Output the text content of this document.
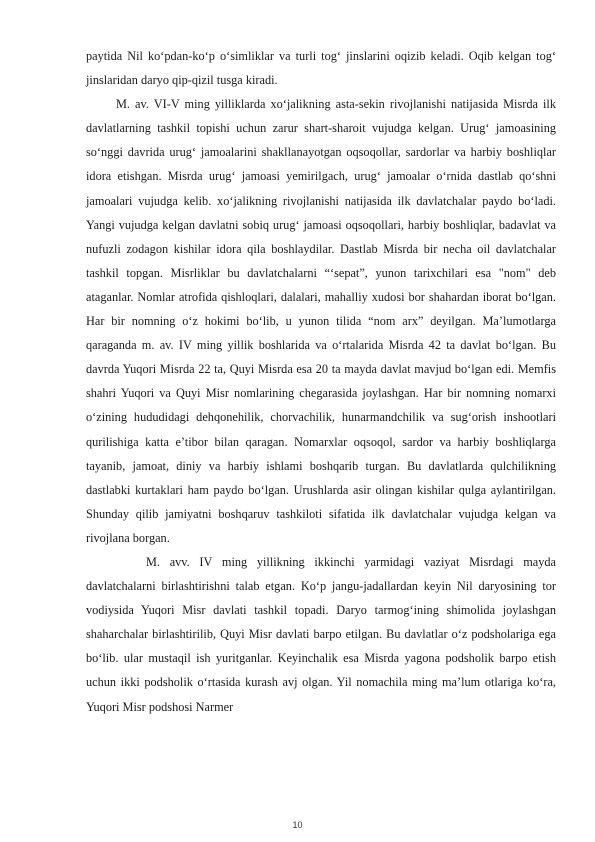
paytida Nil ko‘pdan-ko‘p o‘simliklar va turli tog‘ jinslarini oqizib keladi. Oqib kelgan tog‘ jinslaridan daryo qip-qizil tusga kiradi.

M. av. VI-V ming yilliklarda xo‘jalikning asta-sekin rivojlanishi natijasida Misrda ilk davlatlarning tashkil topishi uchun zarur shart-sharoit vujudga kelgan. Urug‘ jamoasining so‘nggi davrida urug‘ jamoalarini shakllanayotgan oqsoqollar, sardorlar va harbiy boshliqlar idora etishgan. Misrda urug‘ jamoasi yemirilgach, urug‘ jamoalar o‘rnida dastlab qo‘shni jamoalari vujudga kelib. xo‘jalikning rivojlanishi natijasida ilk davlatchalar paydo bo‘ladi. Yangi vujudga kelgan davlatni sobiq urug‘ jamoasi oqsoqollari, harbiy boshliqlar, badavlat va nufuzli zodagon kishilar idora qila boshlaydilar. Dastlab Misrda bir necha oil davlatchalar tashkil topgan. Misrliklar bu davlatchalarni “‘sepat”, yunon tarixchilari esa "nom" deb ataganlar. Nomlar atrofida qishloqlari, dalalari, mahalliy xudosi bor shahardan iborat bo‘lgan. Har bir nomning o‘z hokimi bo‘lib, u yunon tilida “nom arx” deyilgan. Ma’lumotlarga qaraganda m. av. IV ming yillik boshlarida va o‘rtalarida Misrda 42 ta davlat bo‘lgan. Bu davrda Yuqori Misrda 22 ta, Quyi Misrda esa 20 ta mayda davlat mavjud bo‘lgan edi. Memfis shahri Yuqori va Quyi Misr nomlarining chegarasida joylashgan. Har bir nomning nomarxi o‘zining hududidagi dehqonehilik, chorvachilik, hunarmandchilik va sug‘orish inshootlari qurilishiga katta e’tibor bilan qaragan. Nomarxlar oqsoqol, sardor va harbiy boshliqlarga tayanib, jamoat, diniy va harbiy ishlami boshqarib turgan. Bu davlatlarda qulchilikning dastlabki kurtaklari ham paydo bo‘lgan. Urushlarda asir olingan kishilar qulga aylantirilgan. Shunday qilib jamiyatni boshqaruv tashkiloti sifatida ilk davlatchalar vujudga kelgan va rivojlana borgan.

M. avv. IV ming yillikning ikkinchi yarmidagi vaziyat Misrdagi mayda davlatchalarni birlashtirishni talab etgan. Ko‘p jangu-jadallardan keyin Nil daryosining tor vodiysida Yuqori Misr davlati tashkil topadi. Daryo tarmog‘ining shimolida joylashgan shaharchalar birlashtirilib, Quyi Misr davlati barpo etilgan. Bu davlatlar o‘z podsholariga ega bo‘lib. ular mustaqil ish yuritganlar. Keyinchalik esa Misrda yagona podsholik barpo etish uchun ikki podsholik o‘rtasida kurash avj olgan. Yil nomachila ming ma’lum otlariga ko‘ra, Yuqori Misr podshosi Narmer

10
